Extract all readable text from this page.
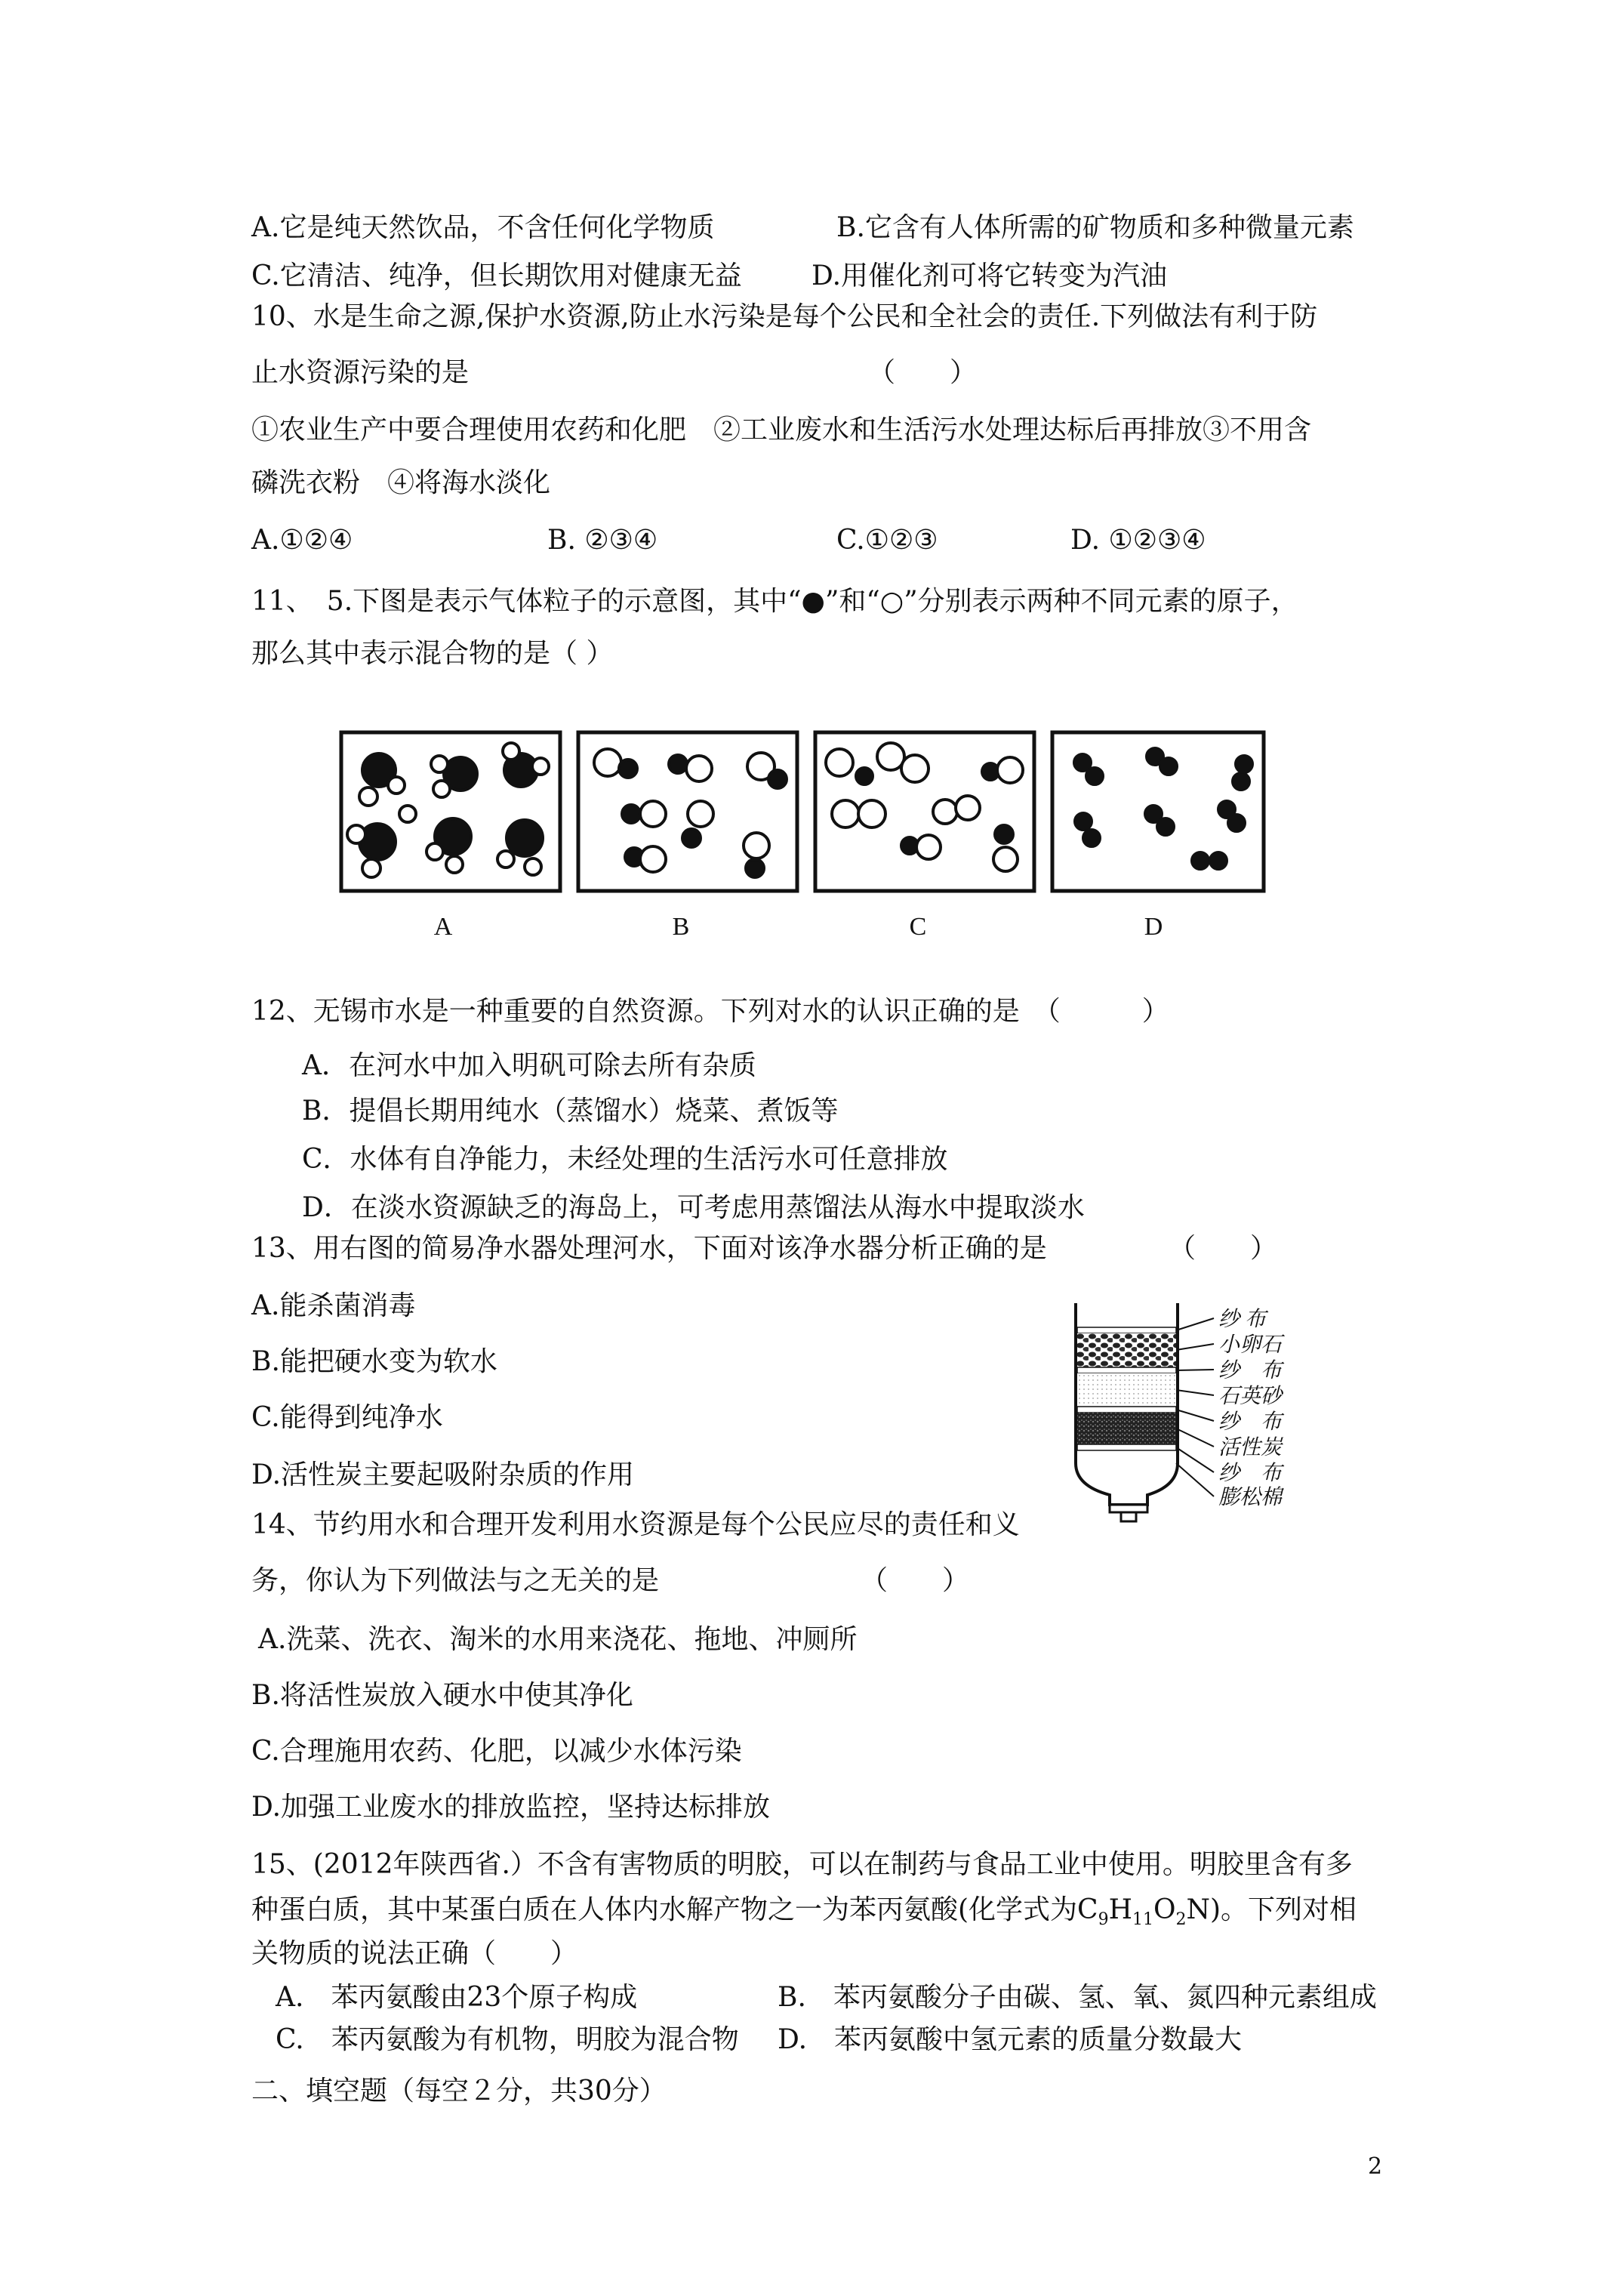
A.它是纯天然饮品，不含任何化学物质	B.它含有人体所需的矿物质和多种微量元素
C.它清洁、纯净，但长期饮用对健康无益	D.用催化剂可将它转变为汽油
10、水是生命之源,保护水资源,防止水污染是每个公民和全社会的责任.下列做法有利于防
止水资源污染的是	（　　）
①农业生产中要合理使用农药和化肥　②工业废水和生活污水处理达标后再排放③不用含
磷洗衣粉　④将海水淡化
A.①②④	B. ②③④	C.①②③	D. ①②③④
11、　5.下图是表示气体粒子的示意图，其中“●”和“○”分别表示两种不同元素的原子，
那么其中表示混合物的是（ ）
A	B	C	D
12、无锡市水是一种重要的自然资源。下列对水的认识正确的是　（　　　）
A．在河水中加入明矾可除去所有杂质
B．提倡长期用纯水（蒸馏水）烧菜、煮饭等
C．水体有自净能力，未经处理的生活污水可任意排放
D．在淡水资源缺乏的海岛上，可考虑用蒸馏法从海水中提取淡水
13、用右图的简易净水器处理河水，下面对该净水器分析正确的是	（　　）
A.能杀菌消毒
B.能把硬水变为软水
C.能得到纯净水
D.活性炭主要起吸附杂质的作用
纱 布
小卵石
纱　布
石英砂
纱　布
活性炭
纱　布
膨松棉
14、节约用水和合理开发利用水资源是每个公民应尽的责任和义
务，你认为下列做法与之无关的是	（　　）
A.洗菜、洗衣、淘米的水用来浇花、拖地、冲厕所
B.将活性炭放入硬水中使其净化
C.合理施用农药、化肥，以减少水体污染
D.加强工业废水的排放监控，坚持达标排放
15、(2012年陕西省.）不含有害物质的明胶，可以在制药与食品工业中使用。明胶里含有多
种蛋白质，其中某蛋白质在人体内水解产物之一为苯丙氨酸(化学式为$C_9H_{11}O_2N$)。下列对相
关物质的说法正确（　　）
A.　苯丙氨酸由23个原子构成	B.　苯丙氨酸分子由碳、氢、氧、氮四种元素组成
C.　苯丙氨酸为有机物，明胶为混合物 D.　苯丙氨酸中氢元素的质量分数最大
二、填空题（每空２分，共30分）
2
